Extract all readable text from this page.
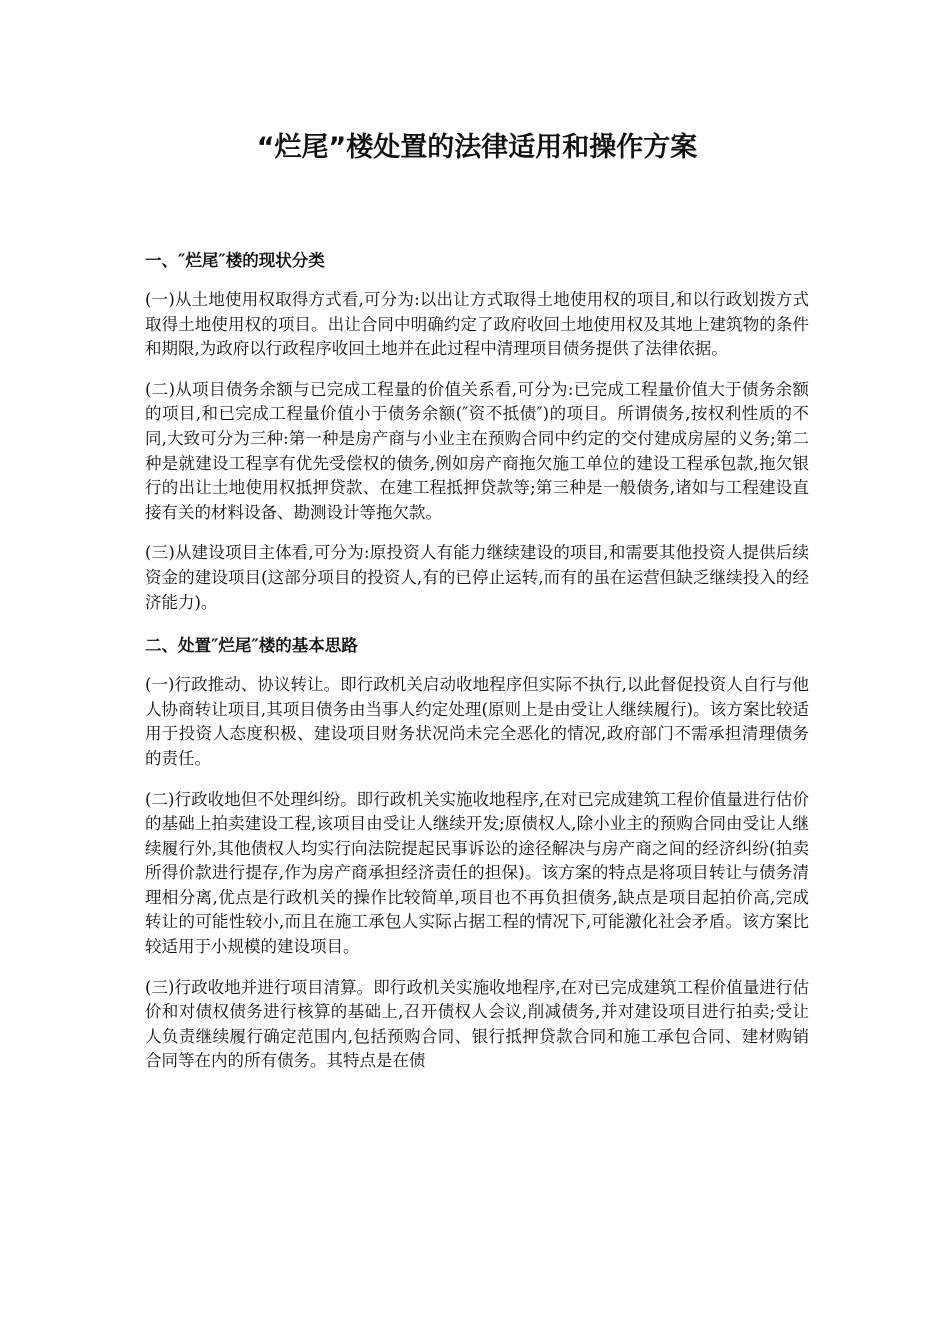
“烂尾”楼处置的法律适用和操作方案
一、″烂尾″楼的现状分类

(一)从土地使用权取得方式看,可分为:以出让方式取得土地使用权的项目,和以行政划拨方式取得土地使用权的项目。出让合同中明确约定了政府收回土地使用权及其地上建筑物的条件和期限,为政府以行政程序收回土地并在此过程中清理项目债务提供了法律依据。

(二)从项目债务余额与已完成工程量的价值关系看,可分为:已完成工程量价值大于债务余额的项目,和已完成工程量价值小于债务余额(″资不抵债″)的项目。所谓债务,按权利性质的不同,大致可分为三种:第一种是房产商与小业主在预购合同中约定的交付建成房屋的义务;第二种是就建设工程享有优先受偿权的债务,例如房产商拖欠施工单位的建设工程承包款,拖欠银行的出让土地使用权抵押贷款、在建工程抵押贷款等;第三种是一般债务,诸如与工程建设直接有关的材料设备、勘测设计等拖欠款。

(三)从建设项目主体看,可分为:原投资人有能力继续建设的项目,和需要其他投资人提供后续资金的建设项目(这部分项目的投资人,有的已停止运转,而有的虽在运营但缺乏继续投入的经济能力)。

二、处置″烂尾″楼的基本思路

(一)行政推动、协议转让。即行政机关启动收地程序但实际不执行,以此督促投资人自行与他人协商转让项目,其项目债务由当事人约定处理(原则上是由受让人继续履行)。该方案比较适用于投资人态度积极、建设项目财务状况尚未完全恶化的情况,政府部门不需承担清理债务的责任。

(二)行政收地但不处理纠纷。即行政机关实施收地程序,在对已完成建筑工程价值量进行估价的基础上拍卖建设工程,该项目由受让人继续开发;原债权人,除小业主的预购合同由受让人继续履行外,其他债权人均实行向法院提起民事诉讼的途径解决与房产商之间的经济纠纷(拍卖所得价款进行提存,作为房产商承担经济责任的担保)。该方案的特点是将项目转让与债务清理相分离,优点是行政机关的操作比较简单,项目也不再负担债务,缺点是项目起拍价高,完成转让的可能性较小,而且在施工承包人实际占据工程的情况下,可能激化社会矛盾。该方案比较适用于小规模的建设项目。

(三)行政收地并进行项目清算。即行政机关实施收地程序,在对已完成建筑工程价值量进行估价和对债权债务进行核算的基础上,召开债权人会议,削减债务,并对建设项目进行拍卖;受让人负责继续履行确定范围内,包括预购合同、银行抵押贷款合同和施工承包合同、建材购销合同等在内的所有债务。其特点是在债
